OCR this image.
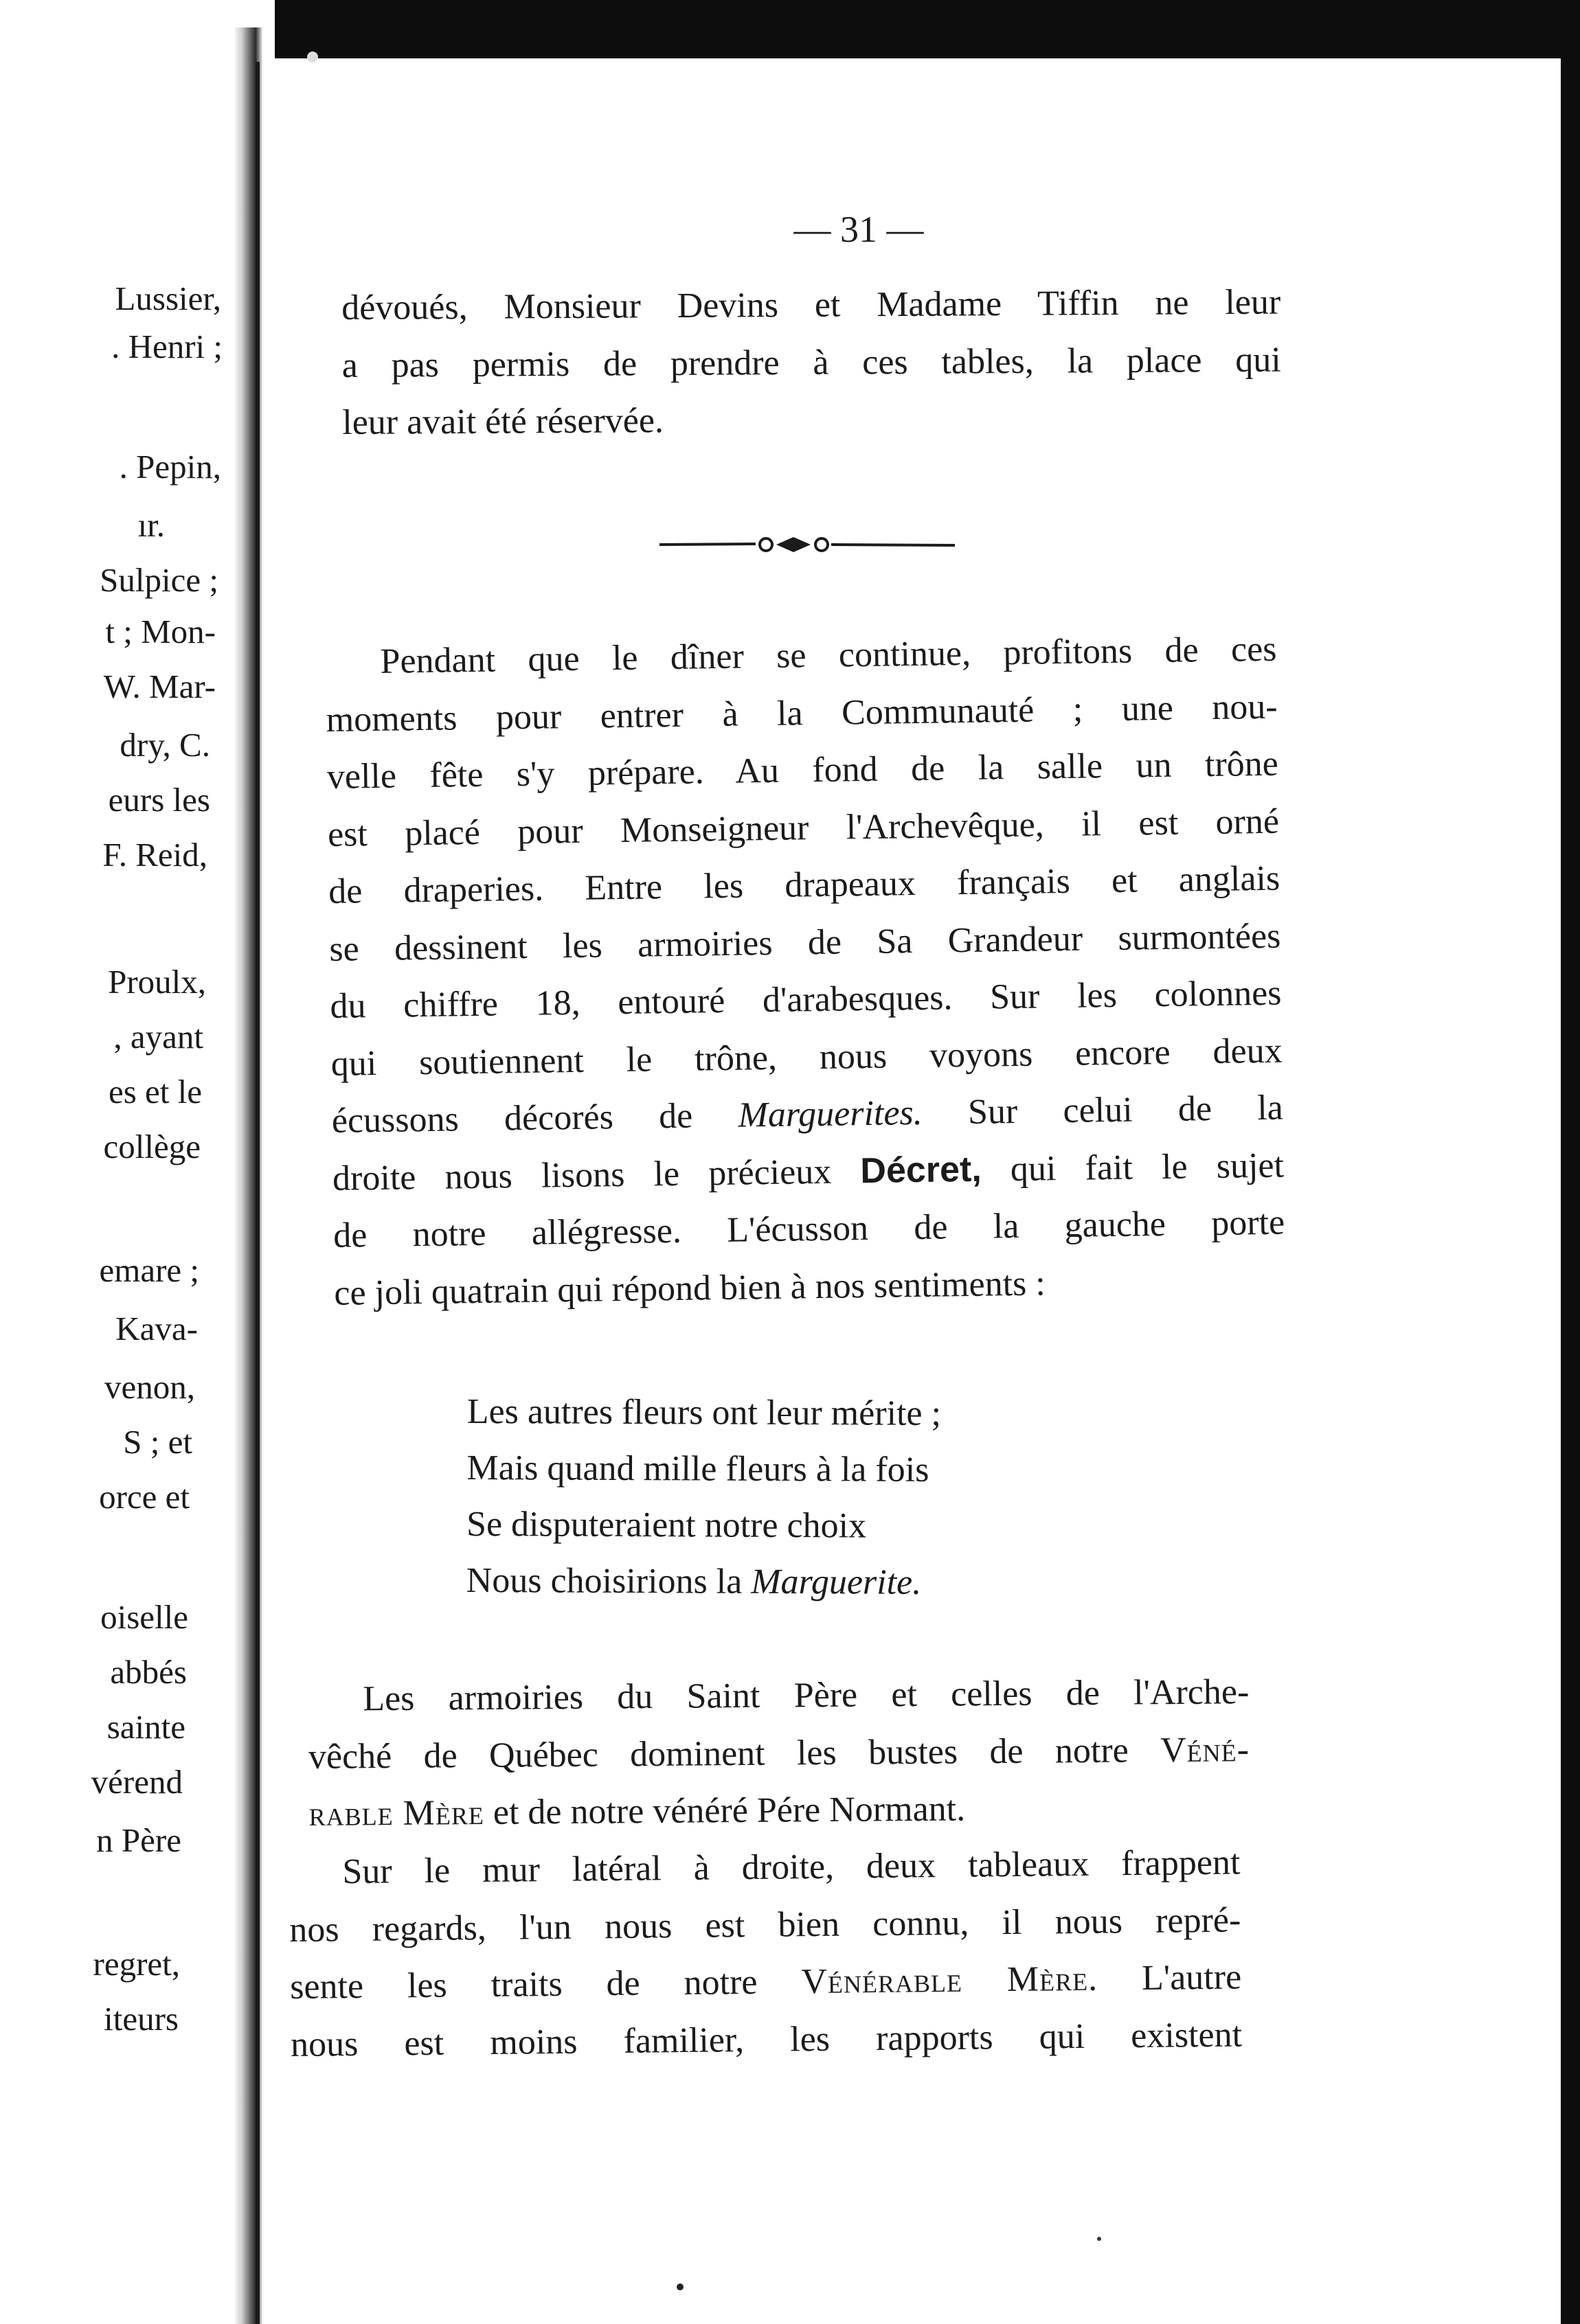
Lussier,
. Henri ;
. Pepin,
ır.
Sulpice ;
t ; Mon-
W. Mar-
dry, C.
eurs les
F. Reid,
Proulx,
, ayant
es et le
collège
emare ;
Kava-
venon,
S ; et
orce et
oiselle
abbés
sainte
vérend
n Père
regret,
iteurs
— 31 —
dévoués, Monsieur Devins et Madame Tiffin ne leur
a pas permis de prendre à ces tables, la place qui
leur avait été réservée.
Pendant que le dîner se continue, profitons de ces
moments pour entrer à la Communauté ; une nou-
velle fête s'y prépare. Au fond de la salle un trône
est placé pour Monseigneur l'Archevêque, il est orné
de draperies. Entre les drapeaux français et anglais
se dessinent les armoiries de Sa Grandeur surmontées
du chiffre 18, entouré d'arabesques. Sur les colonnes
qui soutiennent le trône, nous voyons encore deux
écussons décorés de Marguerites. Sur celui de la
droite nous lisons le précieux Décret, qui fait le sujet
de notre allégresse. L'écusson de la gauche porte
ce joli quatrain qui répond bien à nos sentiments :
Les autres fleurs ont leur mérite ;
Mais quand mille fleurs à la fois
Se disputeraient notre choix
Nous choisirions la Marguerite.
Les armoiries du Saint Père et celles de l'Arche-
vêché de Québec dominent les bustes de notre Véné-
rable Mère et de notre vénéré Pére Normant.
Sur le mur latéral à droite, deux tableaux frappent
nos regards, l'un nous est bien connu, il nous repré-
sente les traits de notre Vénérable Mère. L'autre
nous est moins familier, les rapports qui existent
